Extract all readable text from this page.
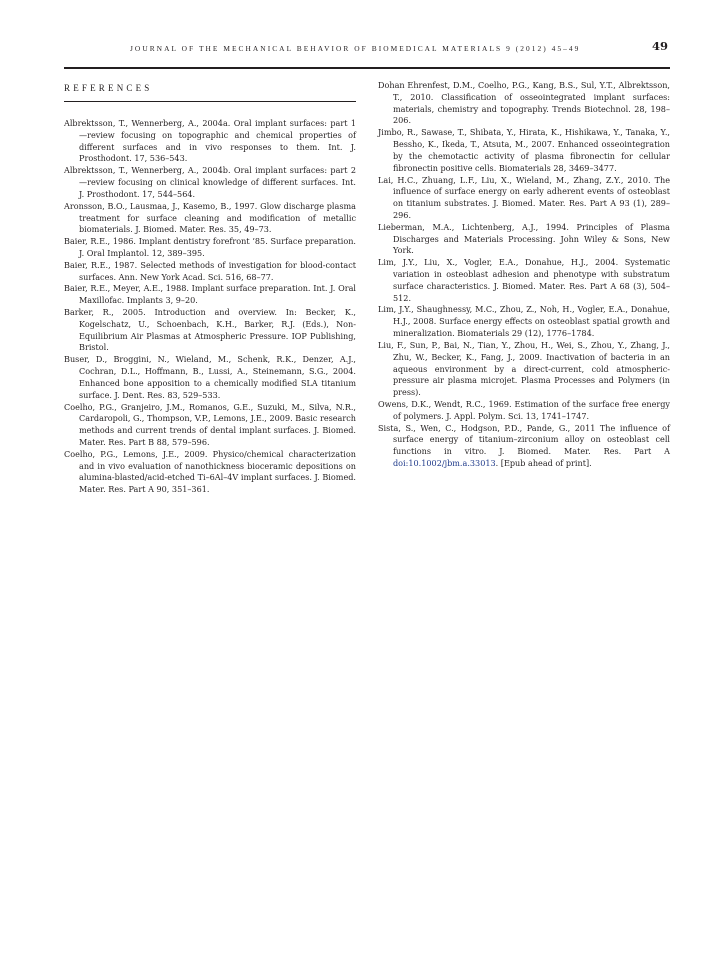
JOURNAL OF THE MECHANICAL BEHAVIOR OF BIOMEDICAL MATERIALS 9 (2012) 45–49	49
REFERENCES
Albrektsson, T., Wennerberg, A., 2004a. Oral implant surfaces: part 1—review focusing on topographic and chemical properties of different surfaces and in vivo responses to them. Int. J. Prosthodont. 17, 536–543.
Albrektsson, T., Wennerberg, A., 2004b. Oral implant surfaces: part 2—review focusing on clinical knowledge of different surfaces. Int. J. Prosthodont. 17, 544–564.
Aronsson, B.O., Lausmaa, J., Kasemo, B., 1997. Glow discharge plasma treatment for surface cleaning and modification of metallic biomaterials. J. Biomed. Mater. Res. 35, 49–73.
Baier, R.E., 1986. Implant dentistry forefront ’85. Surface preparation. J. Oral Implantol. 12, 389–395.
Baier, R.E., 1987. Selected methods of investigation for blood-contact surfaces. Ann. New York Acad. Sci. 516, 68–77.
Baier, R.E., Meyer, A.E., 1988. Implant surface preparation. Int. J. Oral Maxillofac. Implants 3, 9–20.
Barker, R., 2005. Introduction and overview. In: Becker, K., Kogelschatz, U., Schoenbach, K.H., Barker, R.J. (Eds.), Non-Equilibrium Air Plasmas at Atmospheric Pressure. IOP Publishing, Bristol.
Buser, D., Broggini, N., Wieland, M., Schenk, R.K., Denzer, A.J., Cochran, D.L., Hoffmann, B., Lussi, A., Steinemann, S.G., 2004. Enhanced bone apposition to a chemically modified SLA titanium surface. J. Dent. Res. 83, 529–533.
Coelho, P.G., Granjeiro, J.M., Romanos, G.E., Suzuki, M., Silva, N.R., Cardaropoli, G., Thompson, V.P., Lemons, J.E., 2009. Basic research methods and current trends of dental implant surfaces. J. Biomed. Mater. Res. Part B 88, 579–596.
Coelho, P.G., Lemons, J.E., 2009. Physico/chemical characterization and in vivo evaluation of nanothickness bioceramic depositions on alumina-blasted/acid-etched Ti–6Al–4V implant surfaces. J. Biomed. Mater. Res. Part A 90, 351–361.
Dohan Ehrenfest, D.M., Coelho, P.G., Kang, B.S., Sul, Y.T., Albrektsson, T., 2010. Classification of osseointegrated implant surfaces: materials, chemistry and topography. Trends Biotechnol. 28, 198–206.
Jimbo, R., Sawase, T., Shibata, Y., Hirata, K., Hishikawa, Y., Tanaka, Y., Bessho, K., Ikeda, T., Atsuta, M., 2007. Enhanced osseointegration by the chemotactic activity of plasma fibronectin for cellular fibronectin positive cells. Biomaterials 28, 3469–3477.
Lai, H.C., Zhuang, L.F., Liu, X., Wieland, M., Zhang, Z.Y., 2010. The influence of surface energy on early adherent events of osteoblast on titanium substrates. J. Biomed. Mater. Res. Part A 93 (1), 289–296.
Lieberman, M.A., Lichtenberg, A.J., 1994. Principles of Plasma Discharges and Materials Processing. John Wiley & Sons, New York.
Lim, J.Y., Liu, X., Vogler, E.A., Donahue, H.J., 2004. Systematic variation in osteoblast adhesion and phenotype with substratum surface characteristics. J. Biomed. Mater. Res. Part A 68 (3), 504–512.
Lim, J.Y., Shaughnessy, M.C., Zhou, Z., Noh, H., Vogler, E.A., Donahue, H.J., 2008. Surface energy effects on osteoblast spatial growth and mineralization. Biomaterials 29 (12), 1776–1784.
Liu, F., Sun, P., Bai, N., Tian, Y., Zhou, H., Wei, S., Zhou, Y., Zhang, J., Zhu, W., Becker, K., Fang, J., 2009. Inactivation of bacteria in an aqueous environment by a direct-current, cold atmospheric-pressure air plasma microjet. Plasma Processes and Polymers (in press).
Owens, D.K., Wendt, R.C., 1969. Estimation of the surface free energy of polymers. J. Appl. Polym. Sci. 13, 1741–1747.
Sista, S., Wen, C., Hodgson, P.D., Pande, G., 2011 The influence of surface energy of titanium–zirconium alloy on osteoblast cell functions in vitro. J. Biomed. Mater. Res. Part A doi:10.1002/jbm.a.33013. [Epub ahead of print].
